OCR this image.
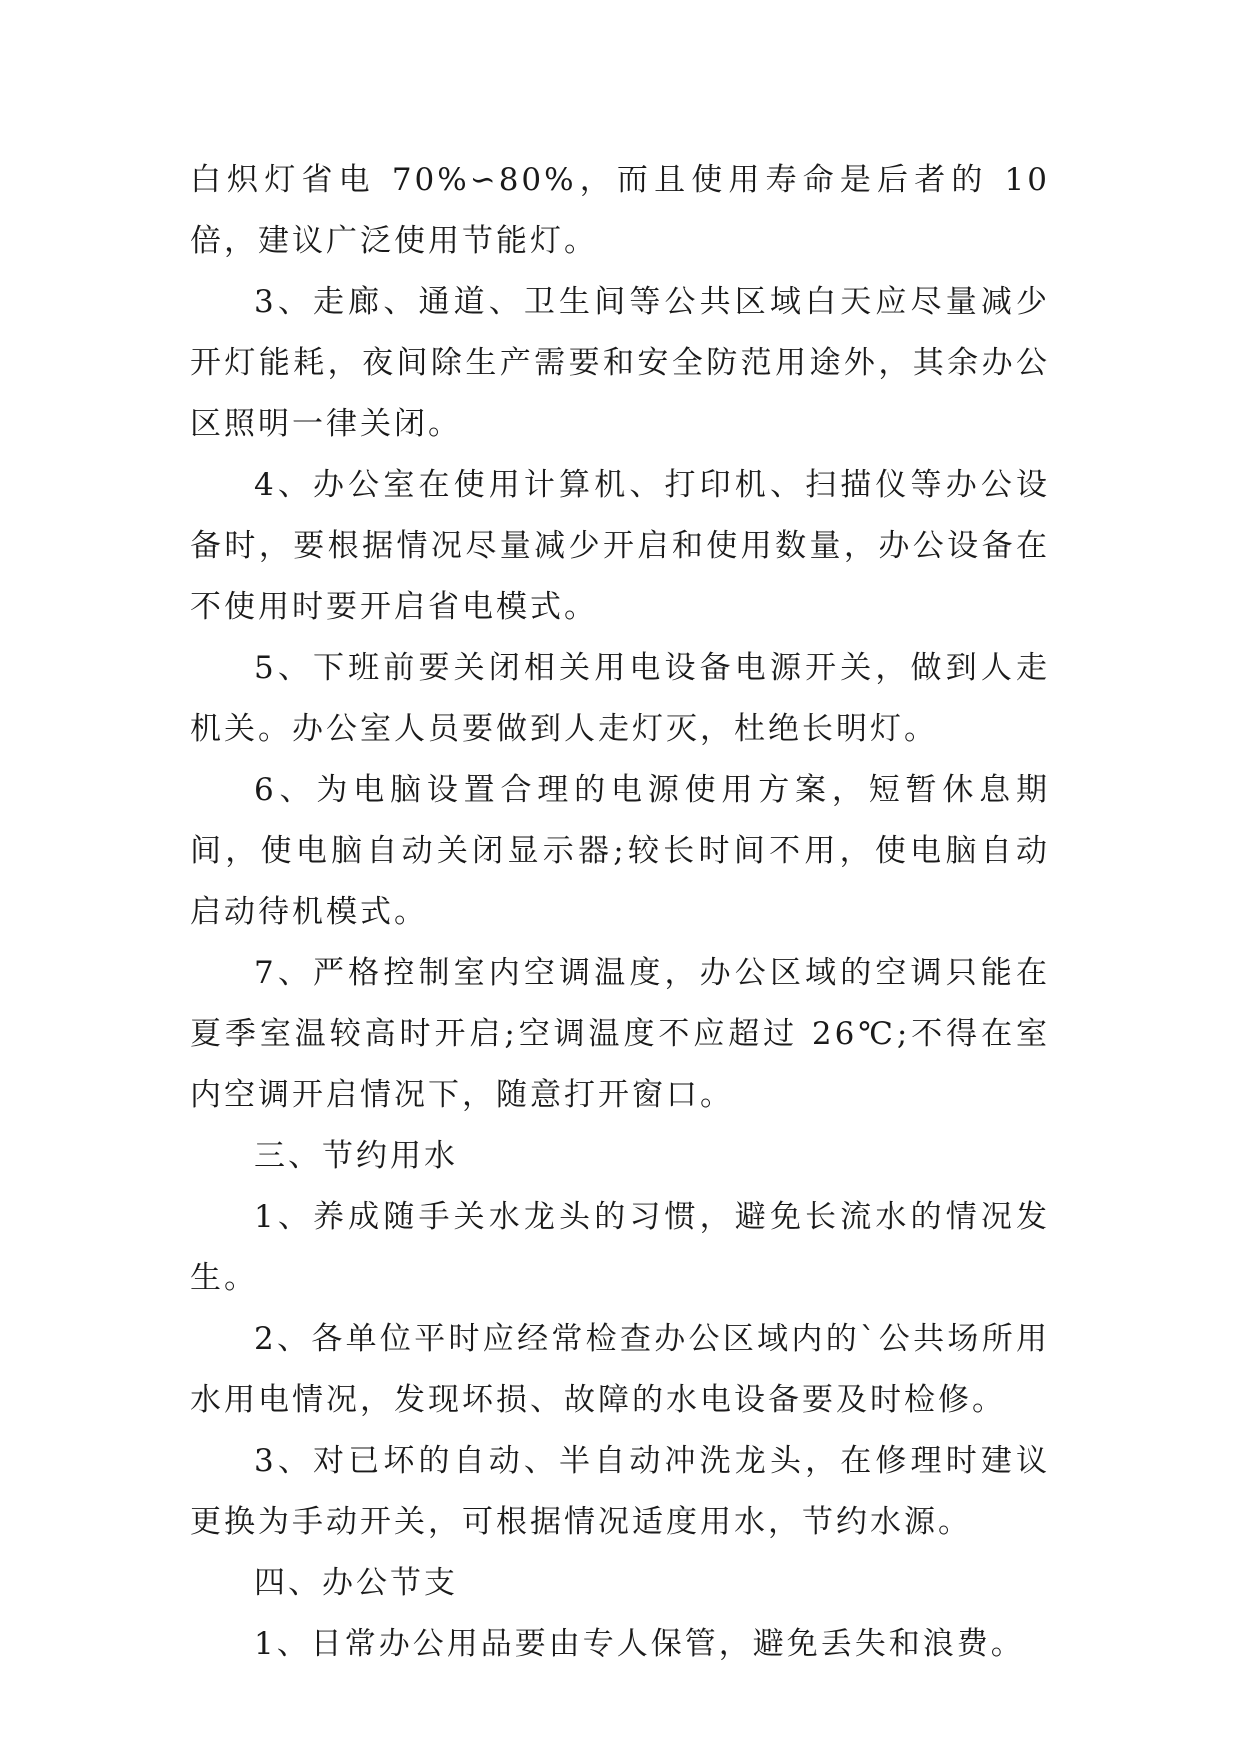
白炽灯省电 70%∽80%，而且使用寿命是后者的 10 倍，建议广泛使用节能灯。

3、走廊、通道、卫生间等公共区域白天应尽量减少开灯能耗，夜间除生产需要和安全防范用途外，其余办公区照明一律关闭。

4、办公室在使用计算机、打印机、扫描仪等办公设备时，要根据情况尽量减少开启和使用数量，办公设备在不使用时要开启省电模式。

5、下班前要关闭相关用电设备电源开关，做到人走机关。办公室人员要做到人走灯灭，杜绝长明灯。

6、为电脑设置合理的电源使用方案，短暂休息期间，使电脑自动关闭显示器;较长时间不用，使电脑自动启动待机模式。

7、严格控制室内空调温度，办公区域的空调只能在夏季室温较高时开启;空调温度不应超过 26℃;不得在室内空调开启情况下，随意打开窗口。

三、节约用水

1、养成随手关水龙头的习惯，避免长流水的情况发生。

2、各单位平时应经常检查办公区域内的`公共场所用水用电情况，发现坏损、故障的水电设备要及时检修。

3、对已坏的自动、半自动冲洗龙头，在修理时建议更换为手动开关，可根据情况适度用水，节约水源。

四、办公节支

1、日常办公用品要由专人保管，避免丢失和浪费。
